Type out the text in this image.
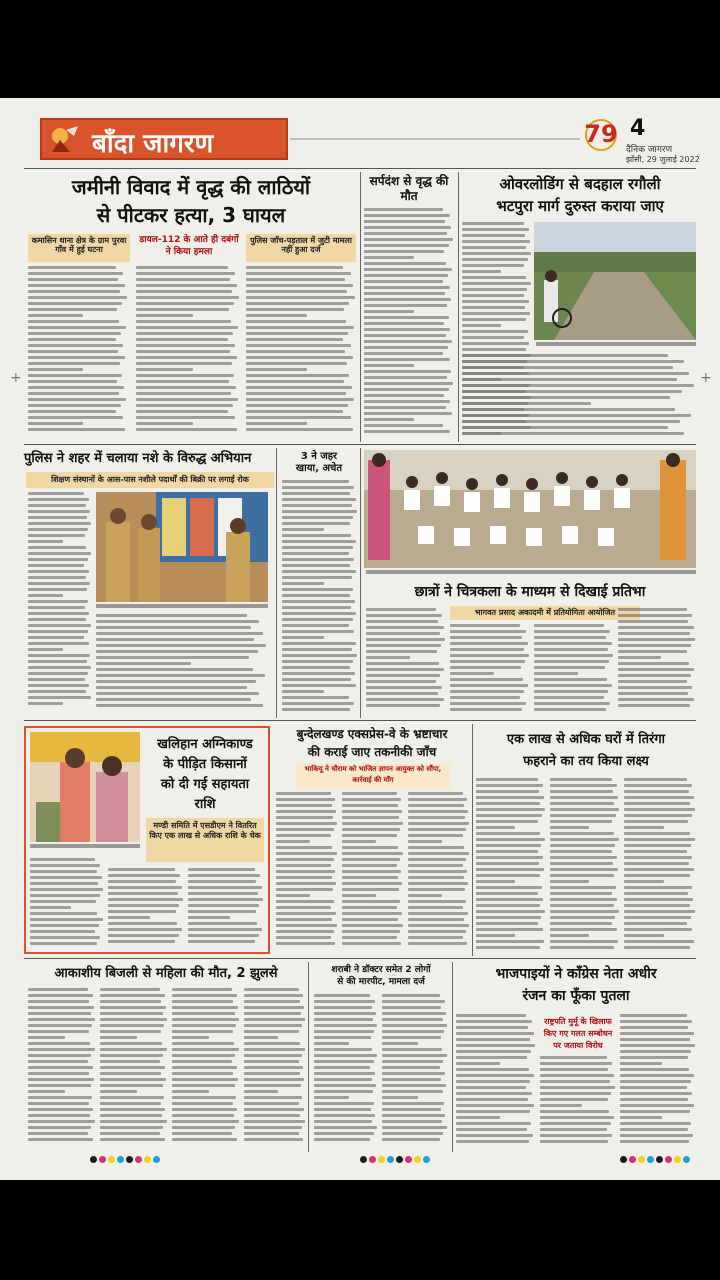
बाँदा जागरण	79 4
दैनिक जागरण
झाँसी, 29 जुलाई 2022
जमीनी विवाद में वृद्ध की लाठियों
से पीटकर हत्या, 3 घायल
कमासिन थाना क्षेत्र के ग्राम पुरवा गाँव में हुई घटना
डायल-112 के आते ही दबंगों ने किया हमला
पुलिस जाँच-पड़ताल में जुटी मामला नहीं हुआ दर्ज
सर्पदंश से वृद्ध की मौत
ओवरलोडिंग से बदहाल रगौली
भटपुरा मार्ग दुरुस्त कराया जाए
पुलिस ने शहर में चलाया नशे के विरुद्ध अभियान
शिक्षण संस्थानों के आस-पास नशीले पदार्थों की बिक्री पर लगाई रोक
3 ने जहर
खाया, अचेत
छात्रों ने चित्रकला के माध्यम से दिखाई प्रतिभा
भागवत प्रसाद अकादमी में प्रतियोगिता आयोजित
खलिहान अग्निकाण्ड
के पीड़ित किसानों
को दी गई सहायता
राशि
मण्डी समिति में एसडीएम ने वितरित किए एक लाख से अधिक राशि के चेक
बुन्देलखण्ड एक्सप्रेस-वे के भ्रष्टाचार
की कराई जाए तकनीकी जाँच
भाकियू ने चौराम को भाजित ज्ञापन आयुक्त को सौंपा, कार्रवाई की माँग
एक लाख से अधिक घरों में तिरंगा
फहराने का तय किया लक्ष्य
आकाशीय बिजली से महिला की मौत, 2 झुलसे	शराबी ने डॉक्टर समेत 2 लोगों
से की मारपीट, मामला दर्ज	भाजपाइयों ने कॉंग्रेस नेता अधीर
रंजन का फूँका पुतला
राष्ट्रपति मुर्मू के खिलाफ
किए गए गलत सम्बोधन
पर जताया विरोध
+	+
